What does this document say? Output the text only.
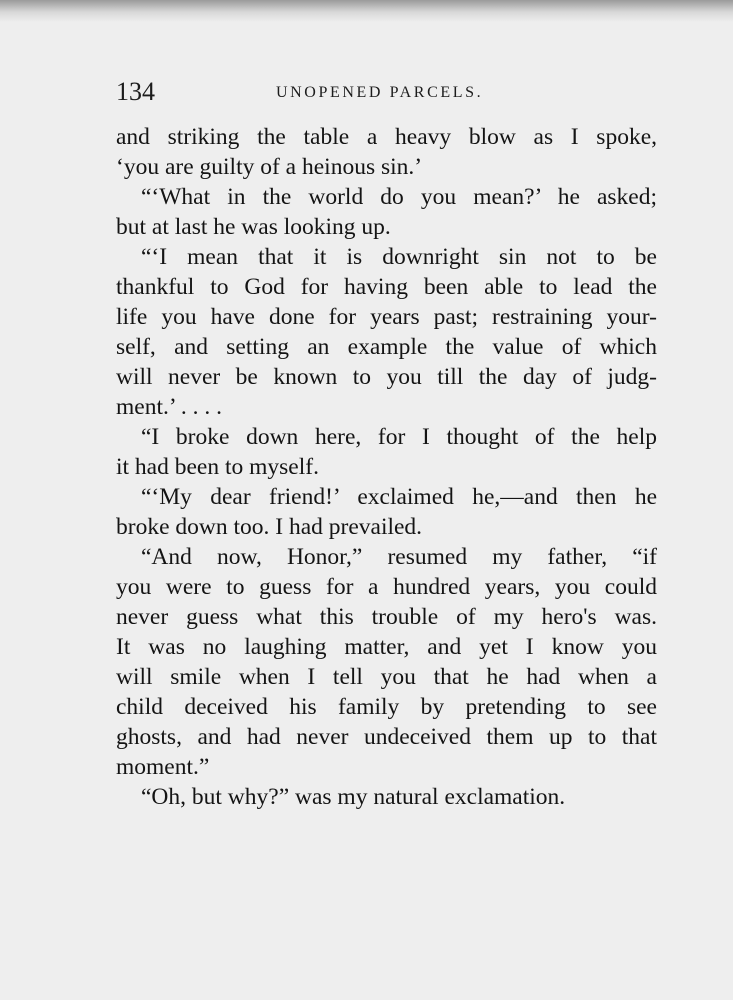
134	UNOPENED PARCELS.
and striking the table a heavy blow as I spoke,
‘you are guilty of a heinous sin.’
“‘What in the world do you mean?’ he asked;
but at last he was looking up.
“‘I mean that it is downright sin not to be
thankful to God for having been able to lead the
life you have done for years past; restraining your-
self, and setting an example the value of which
will never be known to you till the day of judg-
ment.’ . . . .
“I broke down here, for I thought of the help
it had been to myself.
“‘My dear friend!’ exclaimed he,—and then he
broke down too. I had prevailed.
“And now, Honor,” resumed my father, “if
you were to guess for a hundred years, you could
never guess what this trouble of my hero's was.
It was no laughing matter, and yet I know you
will smile when I tell you that he had when a
child deceived his family by pretending to see
ghosts, and had never undeceived them up to that
moment.”
“Oh, but why?” was my natural exclamation.
